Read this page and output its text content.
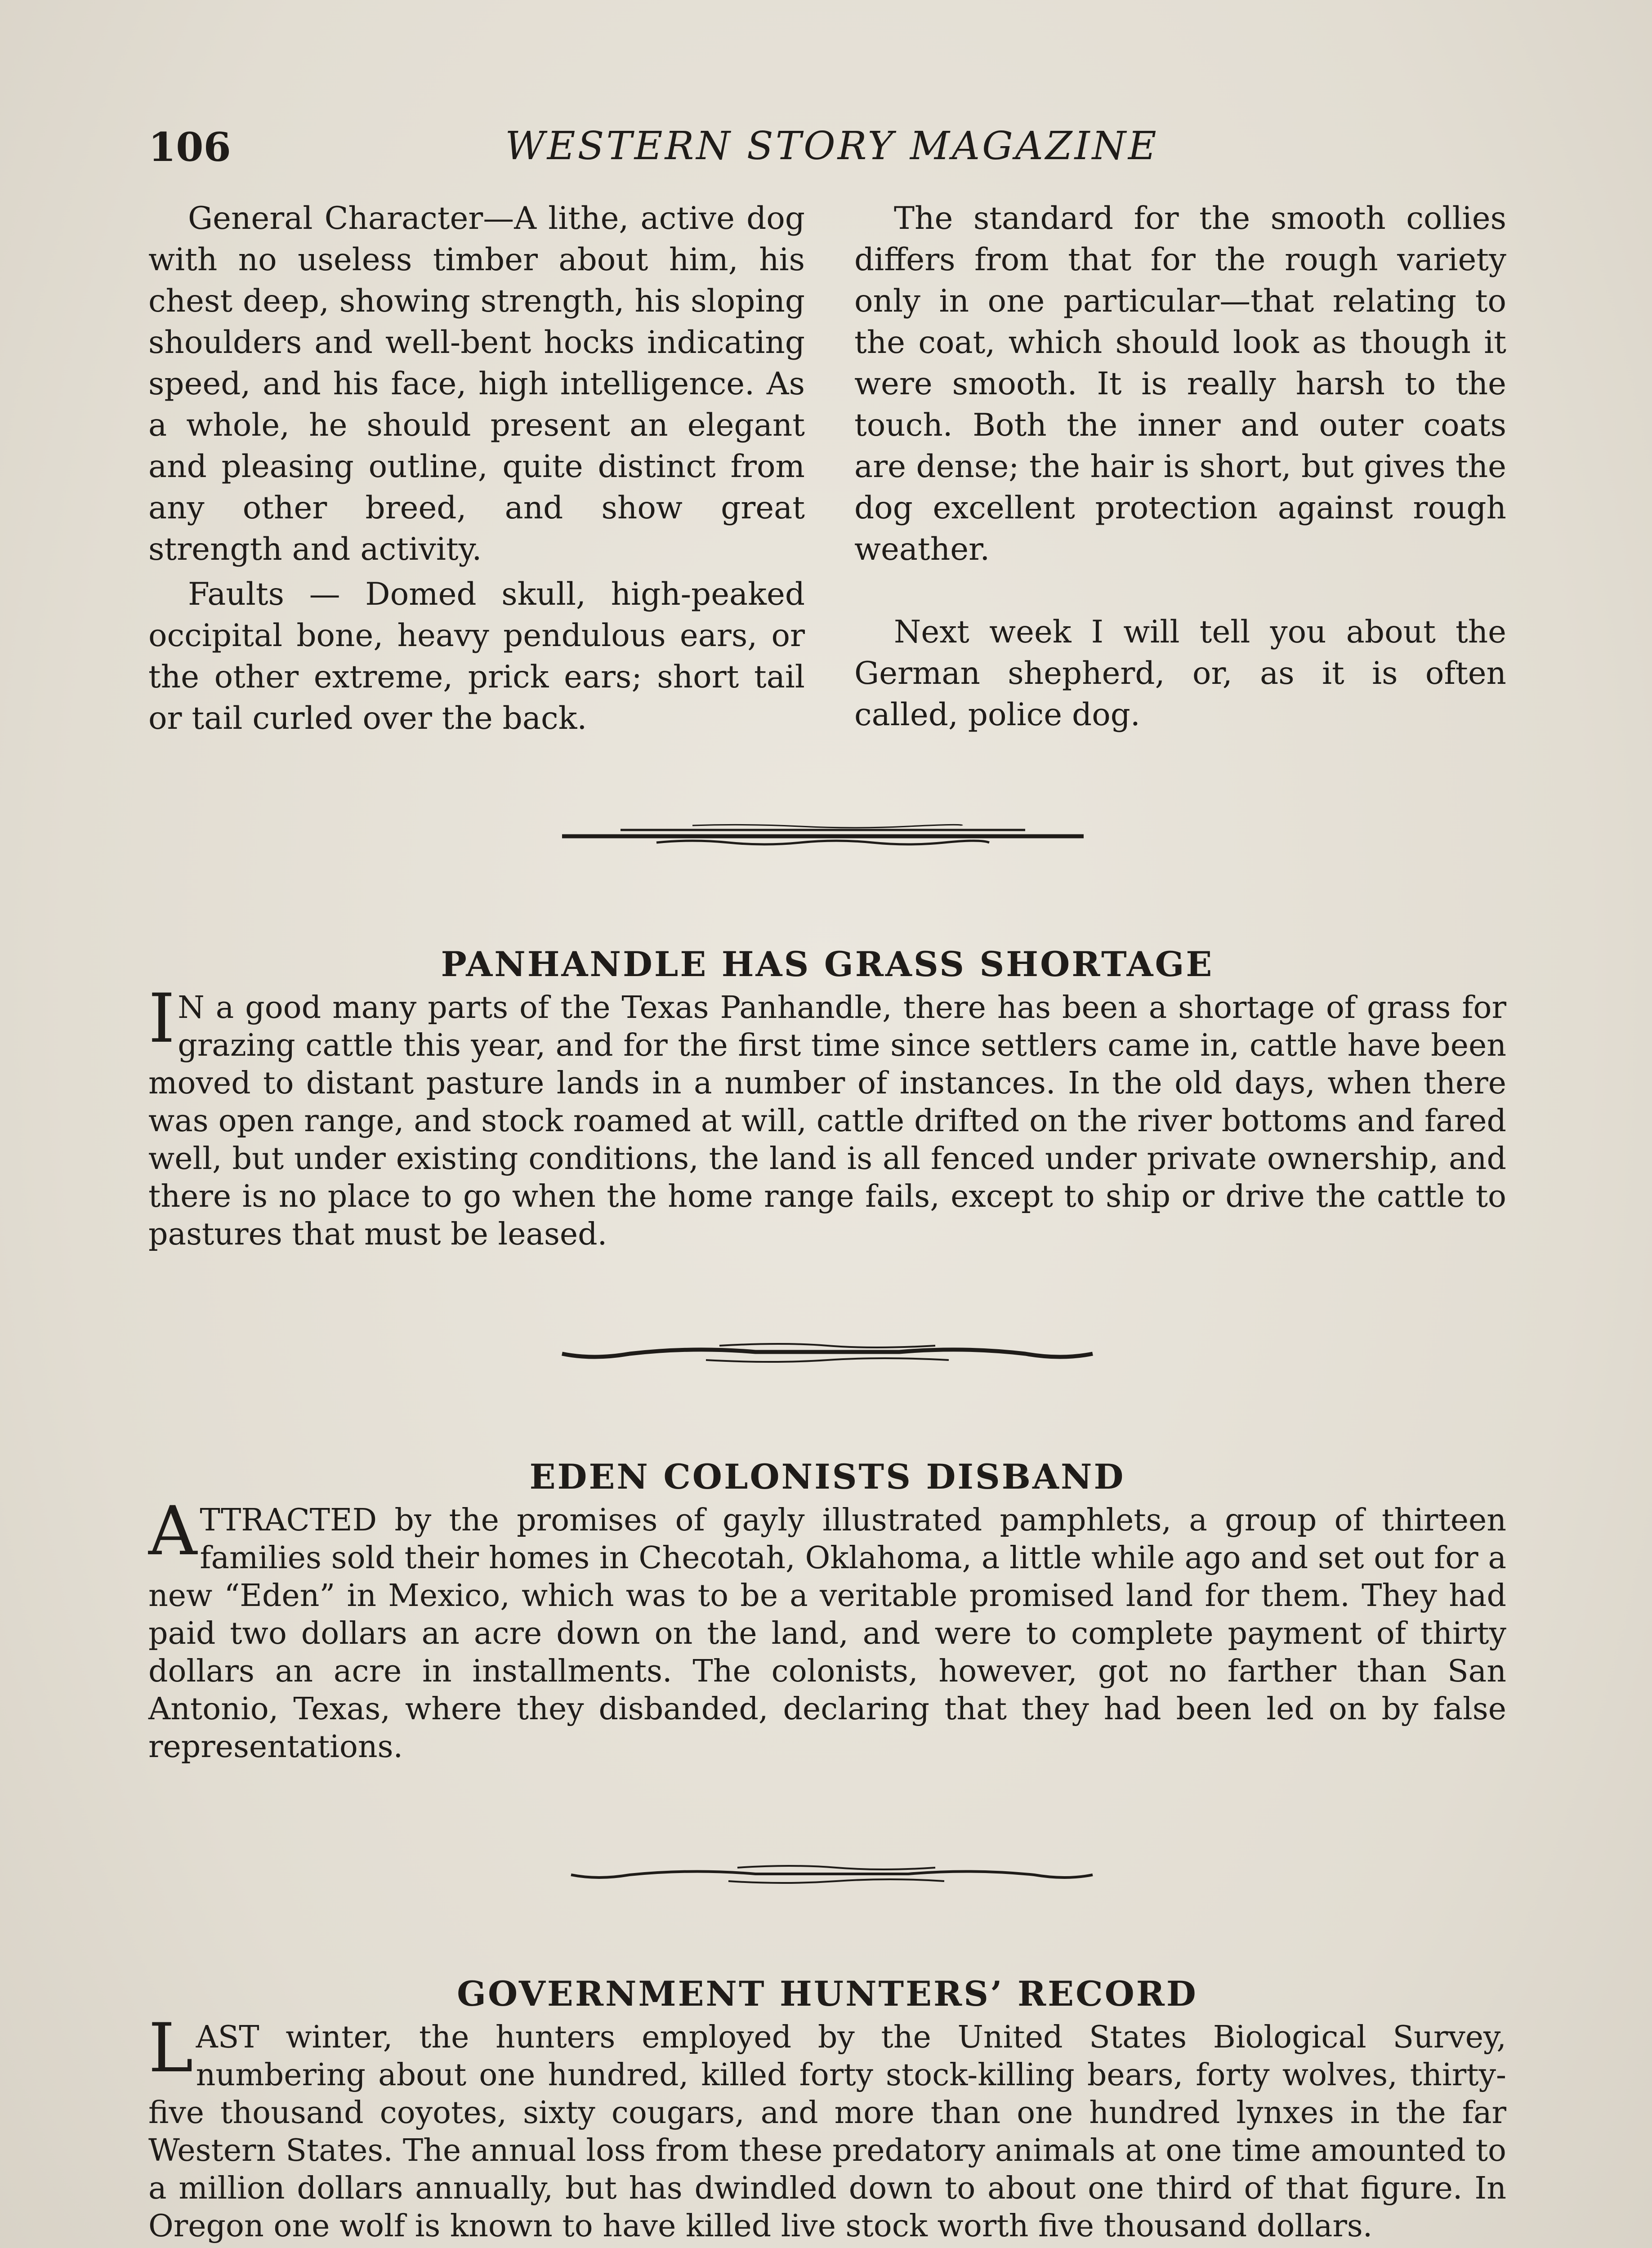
106	WESTERN STORY MAGAZINE

General Character—A lithe, active dog with no useless timber about him, his chest deep, showing strength, his sloping shoulders and well-bent hocks indicating speed, and his face, high intelligence. As a whole, he should present an elegant and pleasing outline, quite distinct from any other breed, and show great strength and activity.

Faults — Domed skull, high-peaked occipital bone, heavy pendulous ears, or the other extreme, prick ears; short tail or tail curled over the back.

The standard for the smooth collies differs from that for the rough variety only in one particular—that relating to the coat, which should look as though it were smooth. It is really harsh to the touch. Both the inner and outer coats are dense; the hair is short, but gives the dog excellent protection against rough weather.

Next week I will tell you about the German shepherd, or, as it is often called, police dog.

PANHANDLE HAS GRASS SHORTAGE

I N a good many parts of the Texas Panhandle, there has been a shortage of grass for grazing cattle this year, and for the first time since settlers came in, cattle have been moved to distant pasture lands in a number of instances. In the old days, when there was open range, and stock roamed at will, cattle drifted on the river bottoms and fared well, but under existing conditions, the land is all fenced under private ownership, and there is no place to go when the home range fails, except to ship or drive the cattle to pastures that must be leased.

EDEN COLONISTS DISBAND

ATTRACTED by the promises of gayly illustrated pamphlets, a group of thirteen families sold their homes in Checotah, Oklahoma, a little while ago and set out for a new “Eden” in Mexico, which was to be a veritable promised land for them. They had paid two dollars an acre down on the land, and were to complete payment of thirty dollars an acre in installments. The colonists, however, got no farther than San Antonio, Texas, where they disbanded, declaring that they had been led on by false representations.

GOVERNMENT HUNTERS’ RECORD

LAST winter, the hunters employed by the United States Biological Survey, numbering about one hundred, killed forty stock-killing bears, forty wolves, thirty-five thousand coyotes, sixty cougars, and more than one hundred lynxes in the far Western States. The annual loss from these predatory animals at one time amounted to a million dollars annually, but has dwindled down to about one third of that figure. In Oregon one wolf is known to have killed live stock worth five thousand dollars.
